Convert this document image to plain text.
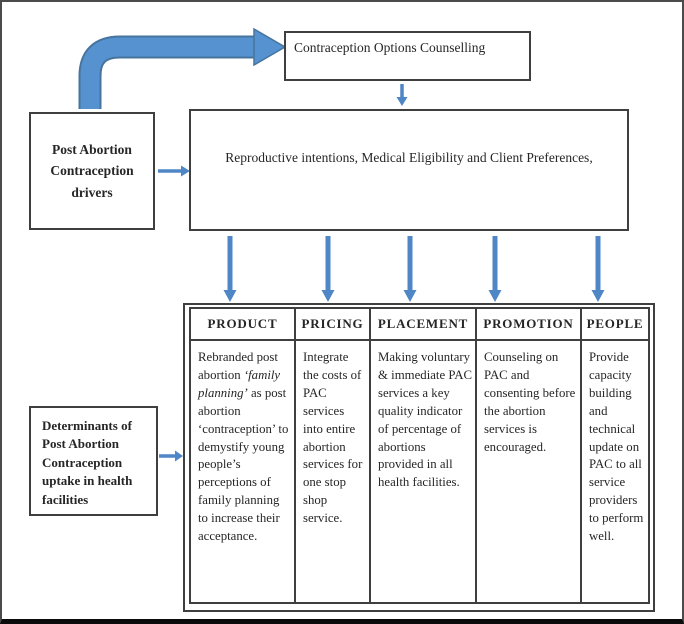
Contraception Options Counselling
Post Abortion Contraception drivers
Reproductive intentions, Medical Eligibility and Client Preferences,
Determinants of Post Abortion Contraception uptake in health facilities
PRODUCT
Rebranded post abortion ‘family planning’ as post abortion ‘contraception’ to demystify young people’s perceptions of family planning to increase their acceptance.
PRICING
Integrate the costs of PAC services into entire abortion services for one stop shop service.
PLACEMENT
Making voluntary & immediate PAC services a key quality indicator of percentage of abortions provided in all health facilities.
PROMOTION
Counseling on PAC and consenting before the abortion services is encouraged.
PEOPLE
Provide capacity building and technical update on PAC to all service providers to perform well.
